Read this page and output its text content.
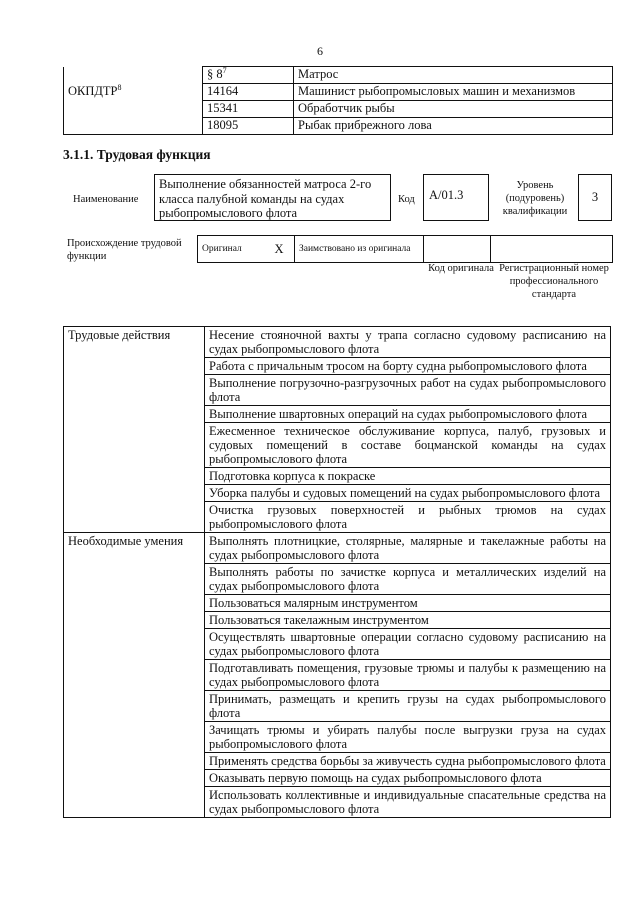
6
	§ $8^7$	Матрос
ОКПДТР$^8$	14164	Машинист рыбопромысловых машин и механизмов
	15341	Обработчик рыбы
	18095	Рыбак прибрежного лова
3.1.1. Трудовая функция
Наименование
Выполнение обязанностей матроса 2-го класса палубной команды на судах рыбопромыслового флота
Код	А/01.3
Уровень (подуровень) квалификации
3
Происхождение трудовой функции
Оригинал	X	Заимствовано из оригинала		
Код оригинала Регистрационный номер профессионального стандарта
Трудовые действия	Несение стояночной вахты у трапа согласно судовому расписанию на судах рыбопромыслового флота
	Работа с причальным тросом на борту судна рыбопромыслового флота
	Выполнение погрузочно-разгрузочных работ на судах рыбопромыслового флота
	Выполнение швартовных операций на судах рыбопромыслового флота
	Ежесменное техническое обслуживание корпуса, палуб, грузовых и судовых помещений в составе боцманской команды на судах рыбопромыслового флота
	Подготовка корпуса к покраске
	Уборка палубы и судовых помещений на судах рыбопромыслового флота
	Очистка грузовых поверхностей и рыбных трюмов на судах рыбопромыслового флота
Необходимые умения	Выполнять плотницкие, столярные, малярные и такелажные работы на судах рыбопромыслового флота
	Выполнять работы по зачистке корпуса и металлических изделий на судах рыбопромыслового флота
	Пользоваться малярным инструментом
	Пользоваться такелажным инструментом
	Осуществлять швартовные операции согласно судовому расписанию на судах рыбопромыслового флота
	Подготавливать помещения, грузовые трюмы и палубы к размещению на судах рыбопромыслового флота
	Принимать, размещать и крепить грузы на судах рыбопромыслового флота
	Зачищать трюмы и убирать палубы после выгрузки груза на судах рыбопромыслового флота
	Применять средства борьбы за живучесть судна рыбопромыслового флота
	Оказывать первую помощь на судах рыбопромыслового флота
	Использовать коллективные и индивидуальные спасательные средства на судах рыбопромыслового флота
